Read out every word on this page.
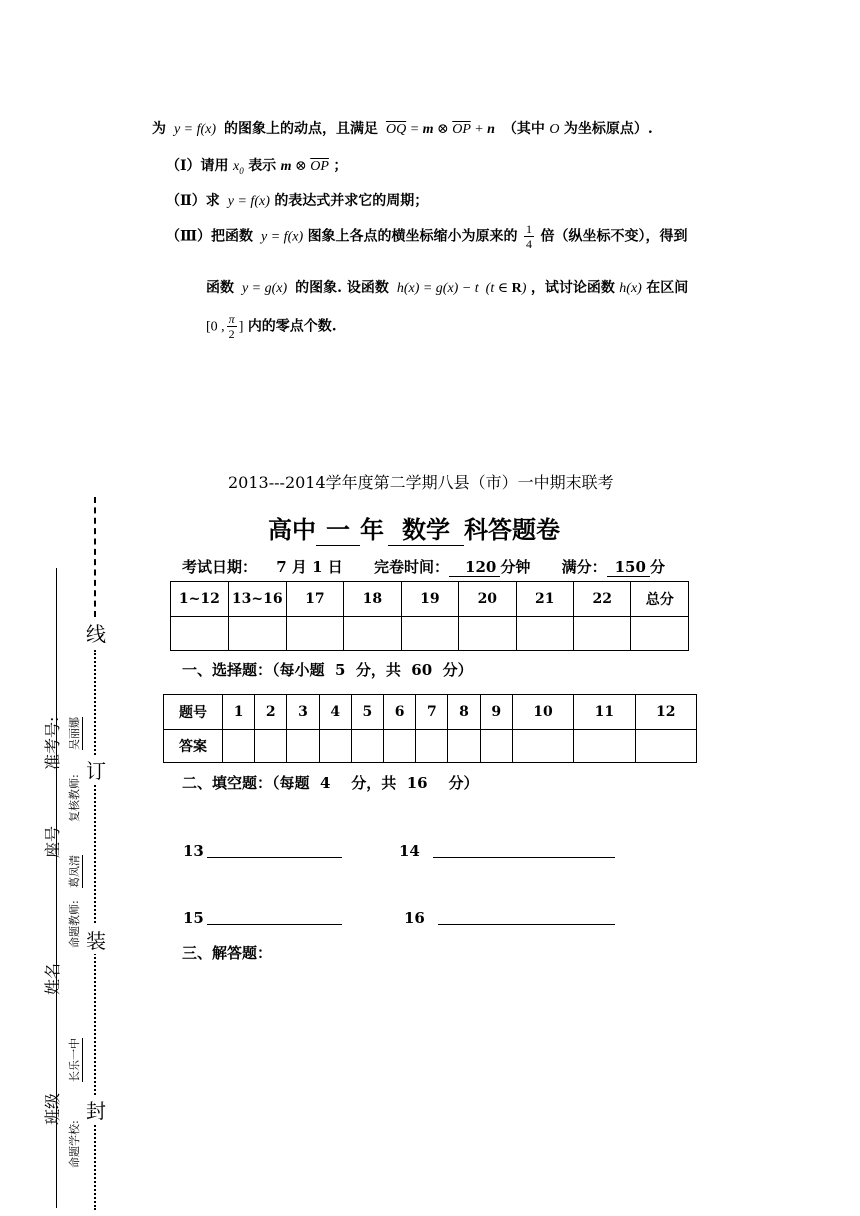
为  y = f(x)  的图象上的动点，且满足 $\overline{OQ} = m$ ⊗ $\overline{OP} + n$ （其中 O 为坐标原点）.
（Ⅰ）请用 $x_0$ 表示 m ⊗ $\overline{OP}$ ；
（Ⅱ）求  y = f(x) 的表达式并求它的周期；
（Ⅲ）把函数  y = f(x) 图象上各点的横坐标缩小为原来的 $\frac{1}{4}$ 倍（纵坐标不变），得到
函数  y = g(x)  的图象. 设函数  h(x) = g(x) − t  (t ∈ R) ，试讨论函数 h(x) 在区间
[0 , $\frac{\pi}{2}$ ] 内的零点个数.
2013---2014学年度第二学期八县（市）一中期末联考
高中 一 年 数学 科答题卷
考试日期： 7 月 1 日 完卷时间： 120 分钟 满分： 150 分
1~12	13~16	17	18	19	20	21	22	总分

一、选择题：（每小题  5  分，共  60  分）
题号	1	2	3	4	5	6	7	8	9	10	11	12
答案												
二、填空题：（每题  4    分，共  16    分）
13	14
15	16
三、解答题：
线
订
装
封
准考号:
座号
姓名
班级
复核教师:
吴丽娜
命题教师:
葛凤清
命题学校:
长乐一中
